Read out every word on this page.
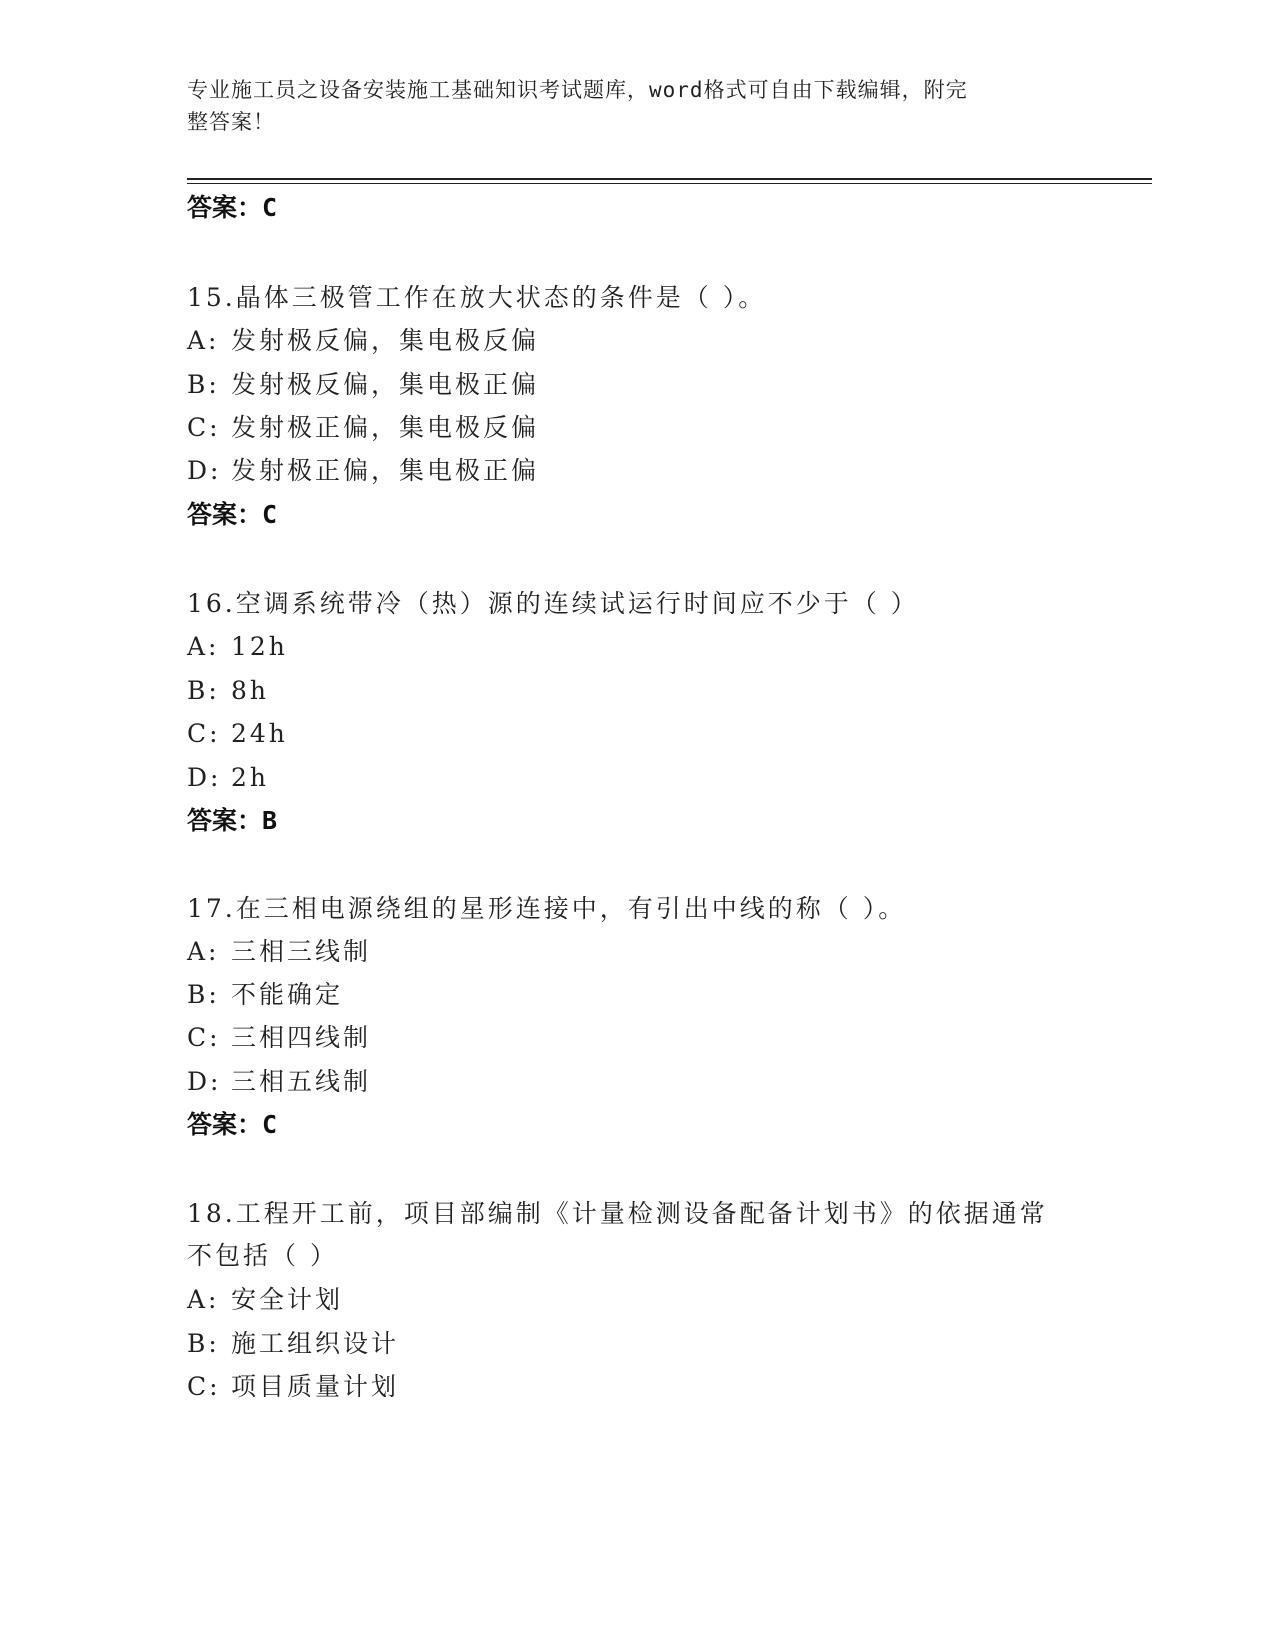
专业施工员之设备安装施工基础知识考试题库，word格式可自由下载编辑，附完
整答案！
答案：C
15.晶体三极管工作在放大状态的条件是（ ）。
A: 发射极反偏，集电极反偏
B: 发射极反偏，集电极正偏
C: 发射极正偏，集电极反偏
D: 发射极正偏，集电极正偏
答案：C
16.空调系统带冷（热）源的连续试运行时间应不少于（ ）
A: 12h
B: 8h
C: 24h
D: 2h
答案：B
17.在三相电源绕组的星形连接中，有引出中线的称（ ）。
A: 三相三线制
B: 不能确定
C: 三相四线制
D: 三相五线制
答案：C
18.工程开工前，项目部编制《计量检测设备配备计划书》的依据通常
不包括（ ）
A: 安全计划
B: 施工组织设计
C: 项目质量计划
